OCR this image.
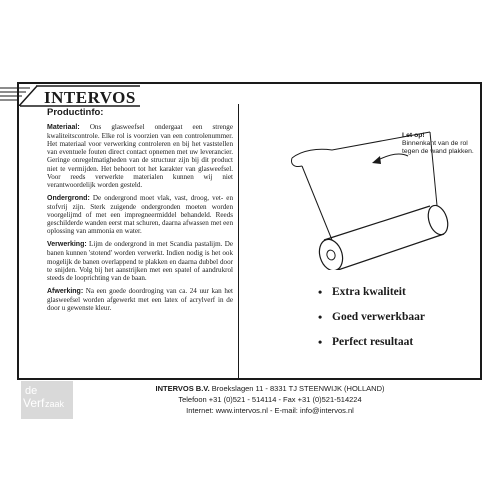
INTERVOS
Productinfo:

Materiaal: Ons glasweefsel ondergaat een strenge kwaliteitscontrole. Elke rol is voorzien van een controlenummer. Het materiaal voor verwerking controleren en bij het vaststellen van eventuele fouten direct contact opnemen met uw leverancier. Geringe onregelmatigheden van de structuur zijn bij dit product niet te vermijden. Het behoort tot het karakter van glasweefsel. Voor reeds verwerkte materialen kunnen wij niet verantwoordelijk worden gesteld.

Ondergrond: De ondergrond moet vlak, vast, droog, vet- en stofvrij zijn. Sterk zuigende ondergronden moeten worden voorgelijmd of met een impregneermiddel behandeld. Reeds geschilderde wanden eerst mat schuren, daarna afwassen met een oplossing van ammonia en water.

Verwerking: Lijm de ondergrond in met Scandia pastalijm. De banen kunnen 'stotend' worden verwerkt. Indien nodig is het ook mogelijk de banen overlappend te plakken en daarna dubbel door te snijden. Volg bij het aanstrijken met een spatel of aandrukrol steeds de looprichting van de baan.

Afwerking: Na een goede doordroging van ca. 24 uur kan het glasweefsel worden afgewerkt met een latex of acrylverf in de door u gewenste kleur.

Let op!
Binnenkant van de rol tegen de wand plakken.
• Extra kwaliteit
• Goed verwerkbaar
• Perfect resultaat
de
Verf zaak
INTERVOS B.V. Broekslagen 11 - 8331 TJ STEENWIJK (HOLLAND)
Telefoon +31 (0)521 - 514114 - Fax +31 (0)521-514224
Internet: www.intervos.nl - E-mail: info@intervos.nl
